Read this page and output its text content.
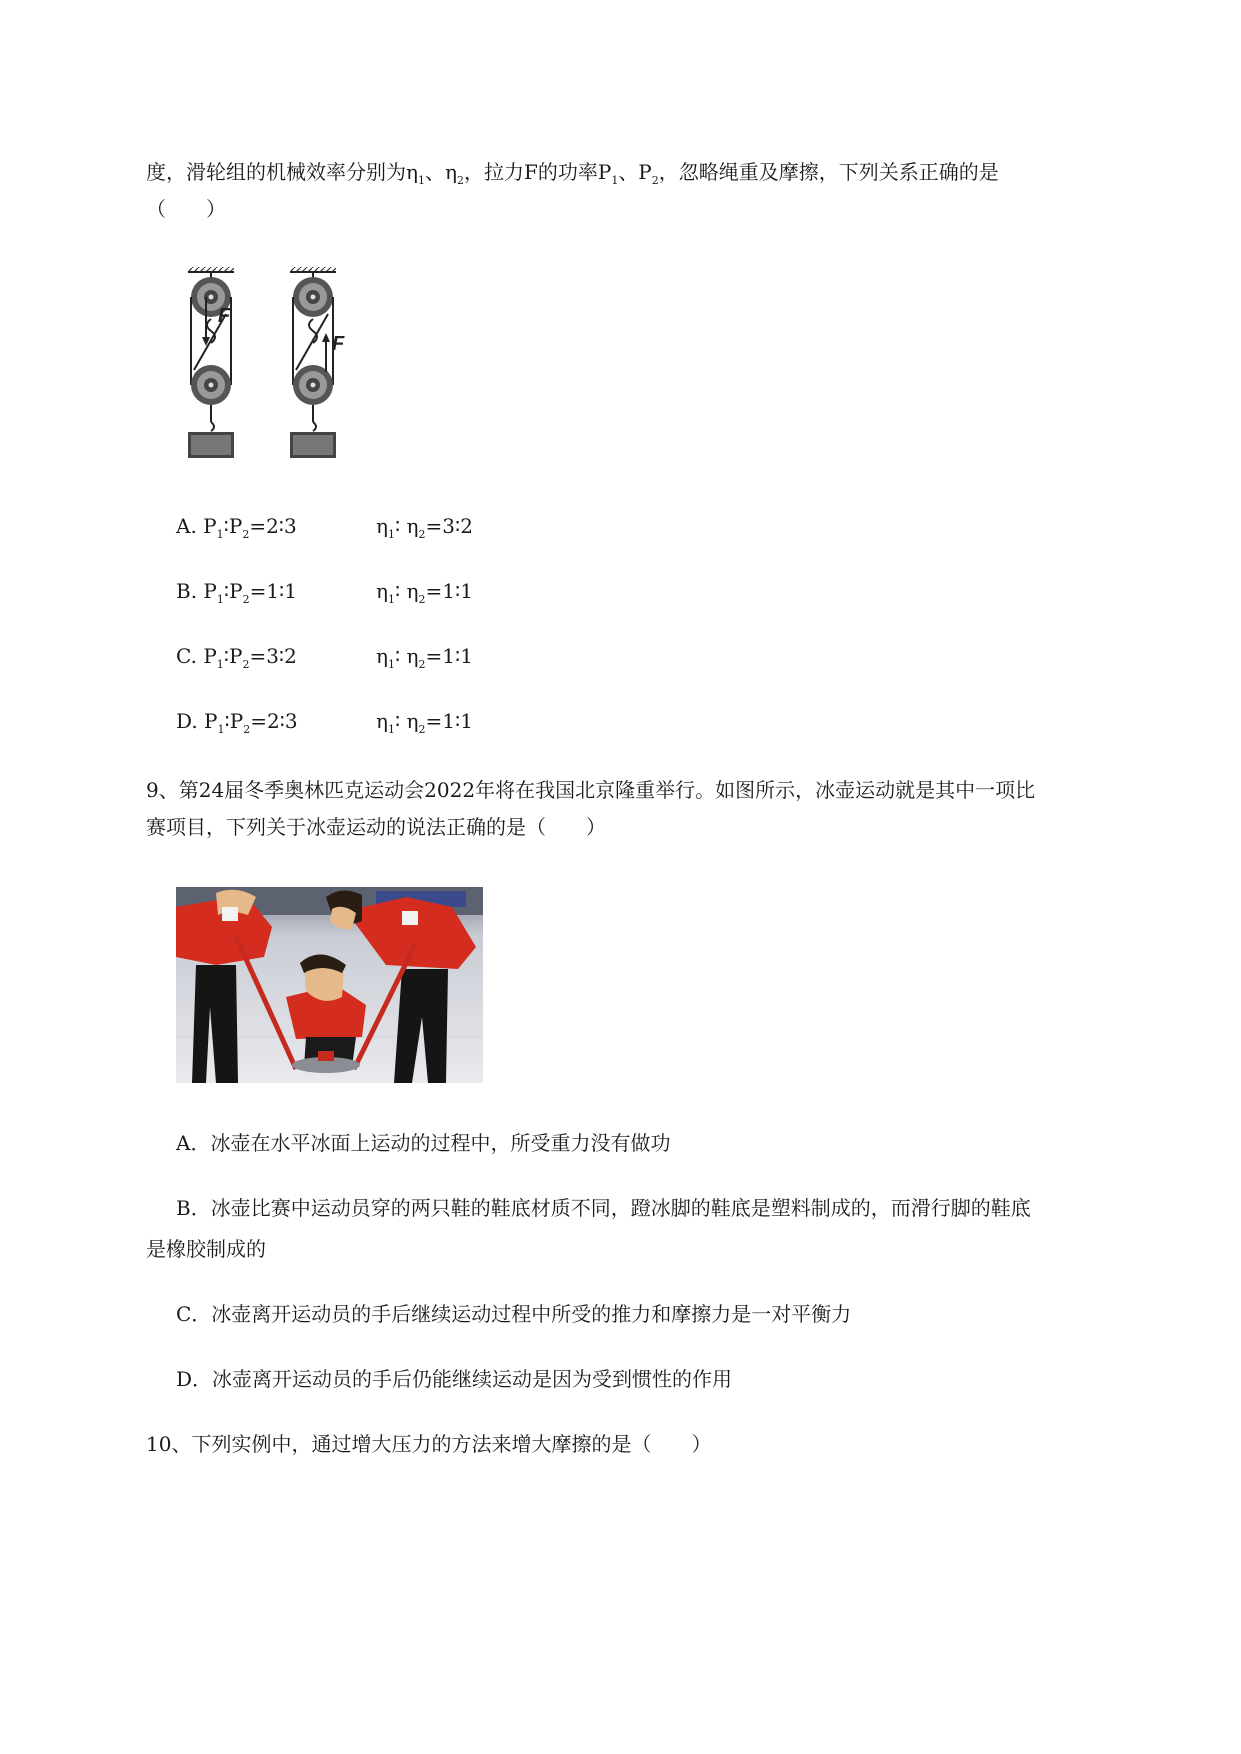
度，滑轮组的机械效率分别为$\eta_1$、$\eta_2$，拉力F的功率$P_1$、$P_2$，忽略绳重及摩擦，下列关系正确的是
（　　）
F
F
A. $P_1∶P_2=2∶3$	$\eta_1∶$ $\eta_2=3∶2$
B. $P_1∶P_2=1∶1$	$\eta_1∶$ $\eta_2=1∶1$
C. $P_1∶P_2=3∶2$	$\eta_1∶$ $\eta_2=1∶1$
D. $P_1∶P_2=2∶3$	$\eta_1∶$ $\eta_2=1∶1$
9、第24届冬季奥林匹克运动会2022年将在我国北京隆重举行。如图所示，冰壶运动就是其中一项比
赛项目，下列关于冰壶运动的说法正确的是（　　）
A．冰壶在水平冰面上运动的过程中，所受重力没有做功
B．冰壶比赛中运动员穿的两只鞋的鞋底材质不同，蹬冰脚的鞋底是塑料制成的，而滑行脚的鞋底
是橡胶制成的
C．冰壶离开运动员的手后继续运动过程中所受的推力和摩擦力是一对平衡力
D．冰壶离开运动员的手后仍能继续运动是因为受到惯性的作用
10、下列实例中，通过增大压力的方法来增大摩擦的是（　　）
